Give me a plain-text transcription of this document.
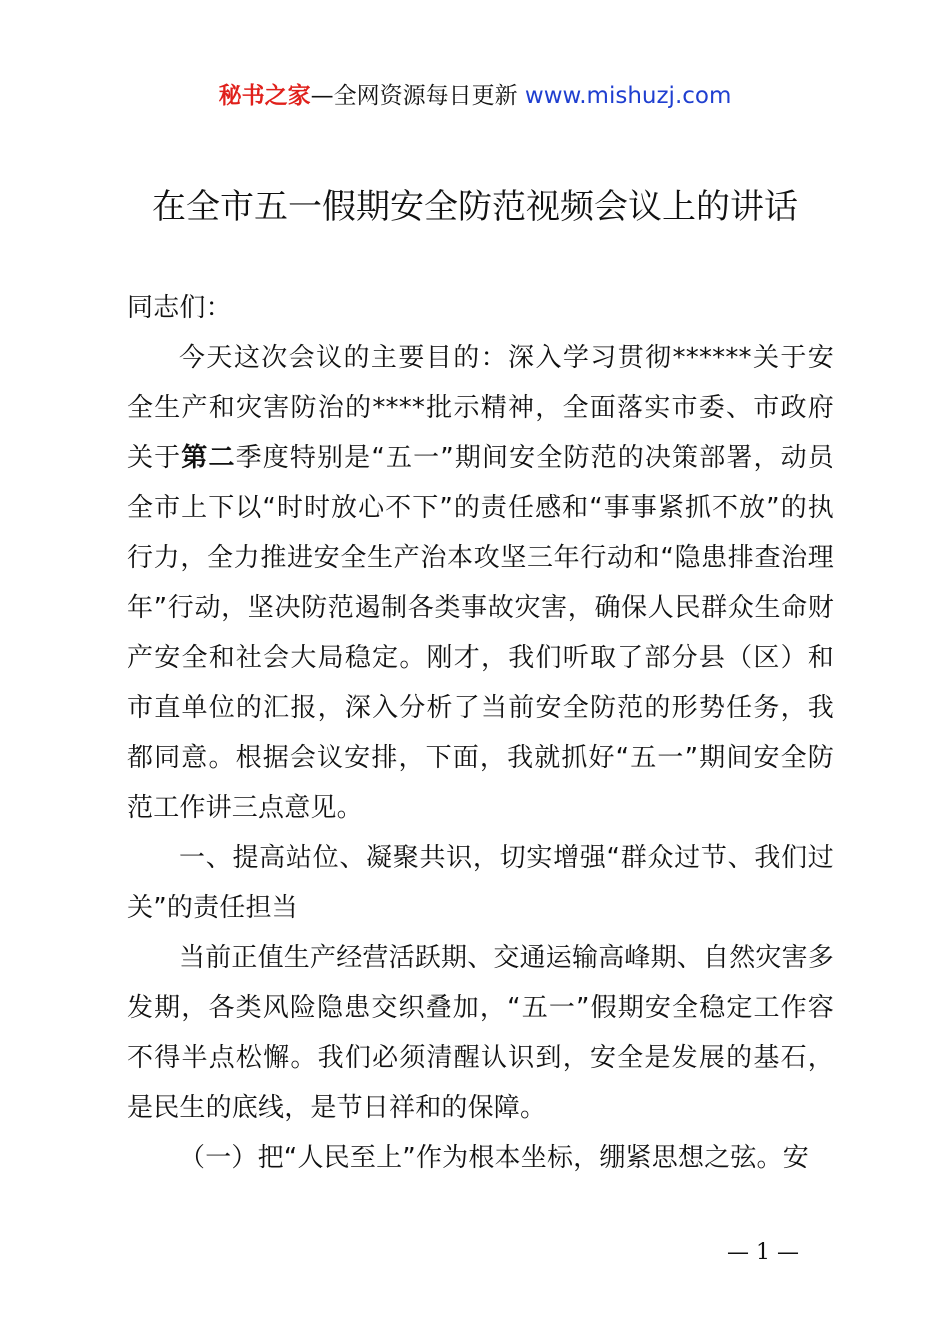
秘书之家—全网资源每日更新 www.mishuzj.com
在全市五一假期安全防范视频会议上的讲话

同志们：

今天这次会议的主要目的：深入学习贯彻******关于安全生产和灾害防治的****批示精神，全面落实市委、市政府关于第二季度特别是“五一”期间安全防范的决策部署，动员全市上下以“时时放心不下”的责任感和“事事紧抓不放”的执行力，全力推进安全生产治本攻坚三年行动和“隐患排查治理年”行动，坚决防范遏制各类事故灾害，确保人民群众生命财产安全和社会大局稳定。刚才，我们听取了部分县（区）和市直单位的汇报，深入分析了当前安全防范的形势任务，我都同意。根据会议安排，下面，我就抓好“五一”期间安全防范工作讲三点意见。

一、提高站位、凝聚共识，切实增强“群众过节、我们过关”的责任担当

当前正值生产经营活跃期、交通运输高峰期、自然灾害多发期，各类风险隐患交织叠加，“五一”假期安全稳定工作容不得半点松懈。我们必须清醒认识到，安全是发展的基石，是民生的底线，是节日祥和的保障。

（一）把“人民至上”作为根本坐标，绷紧思想之弦。安

— 1 —
